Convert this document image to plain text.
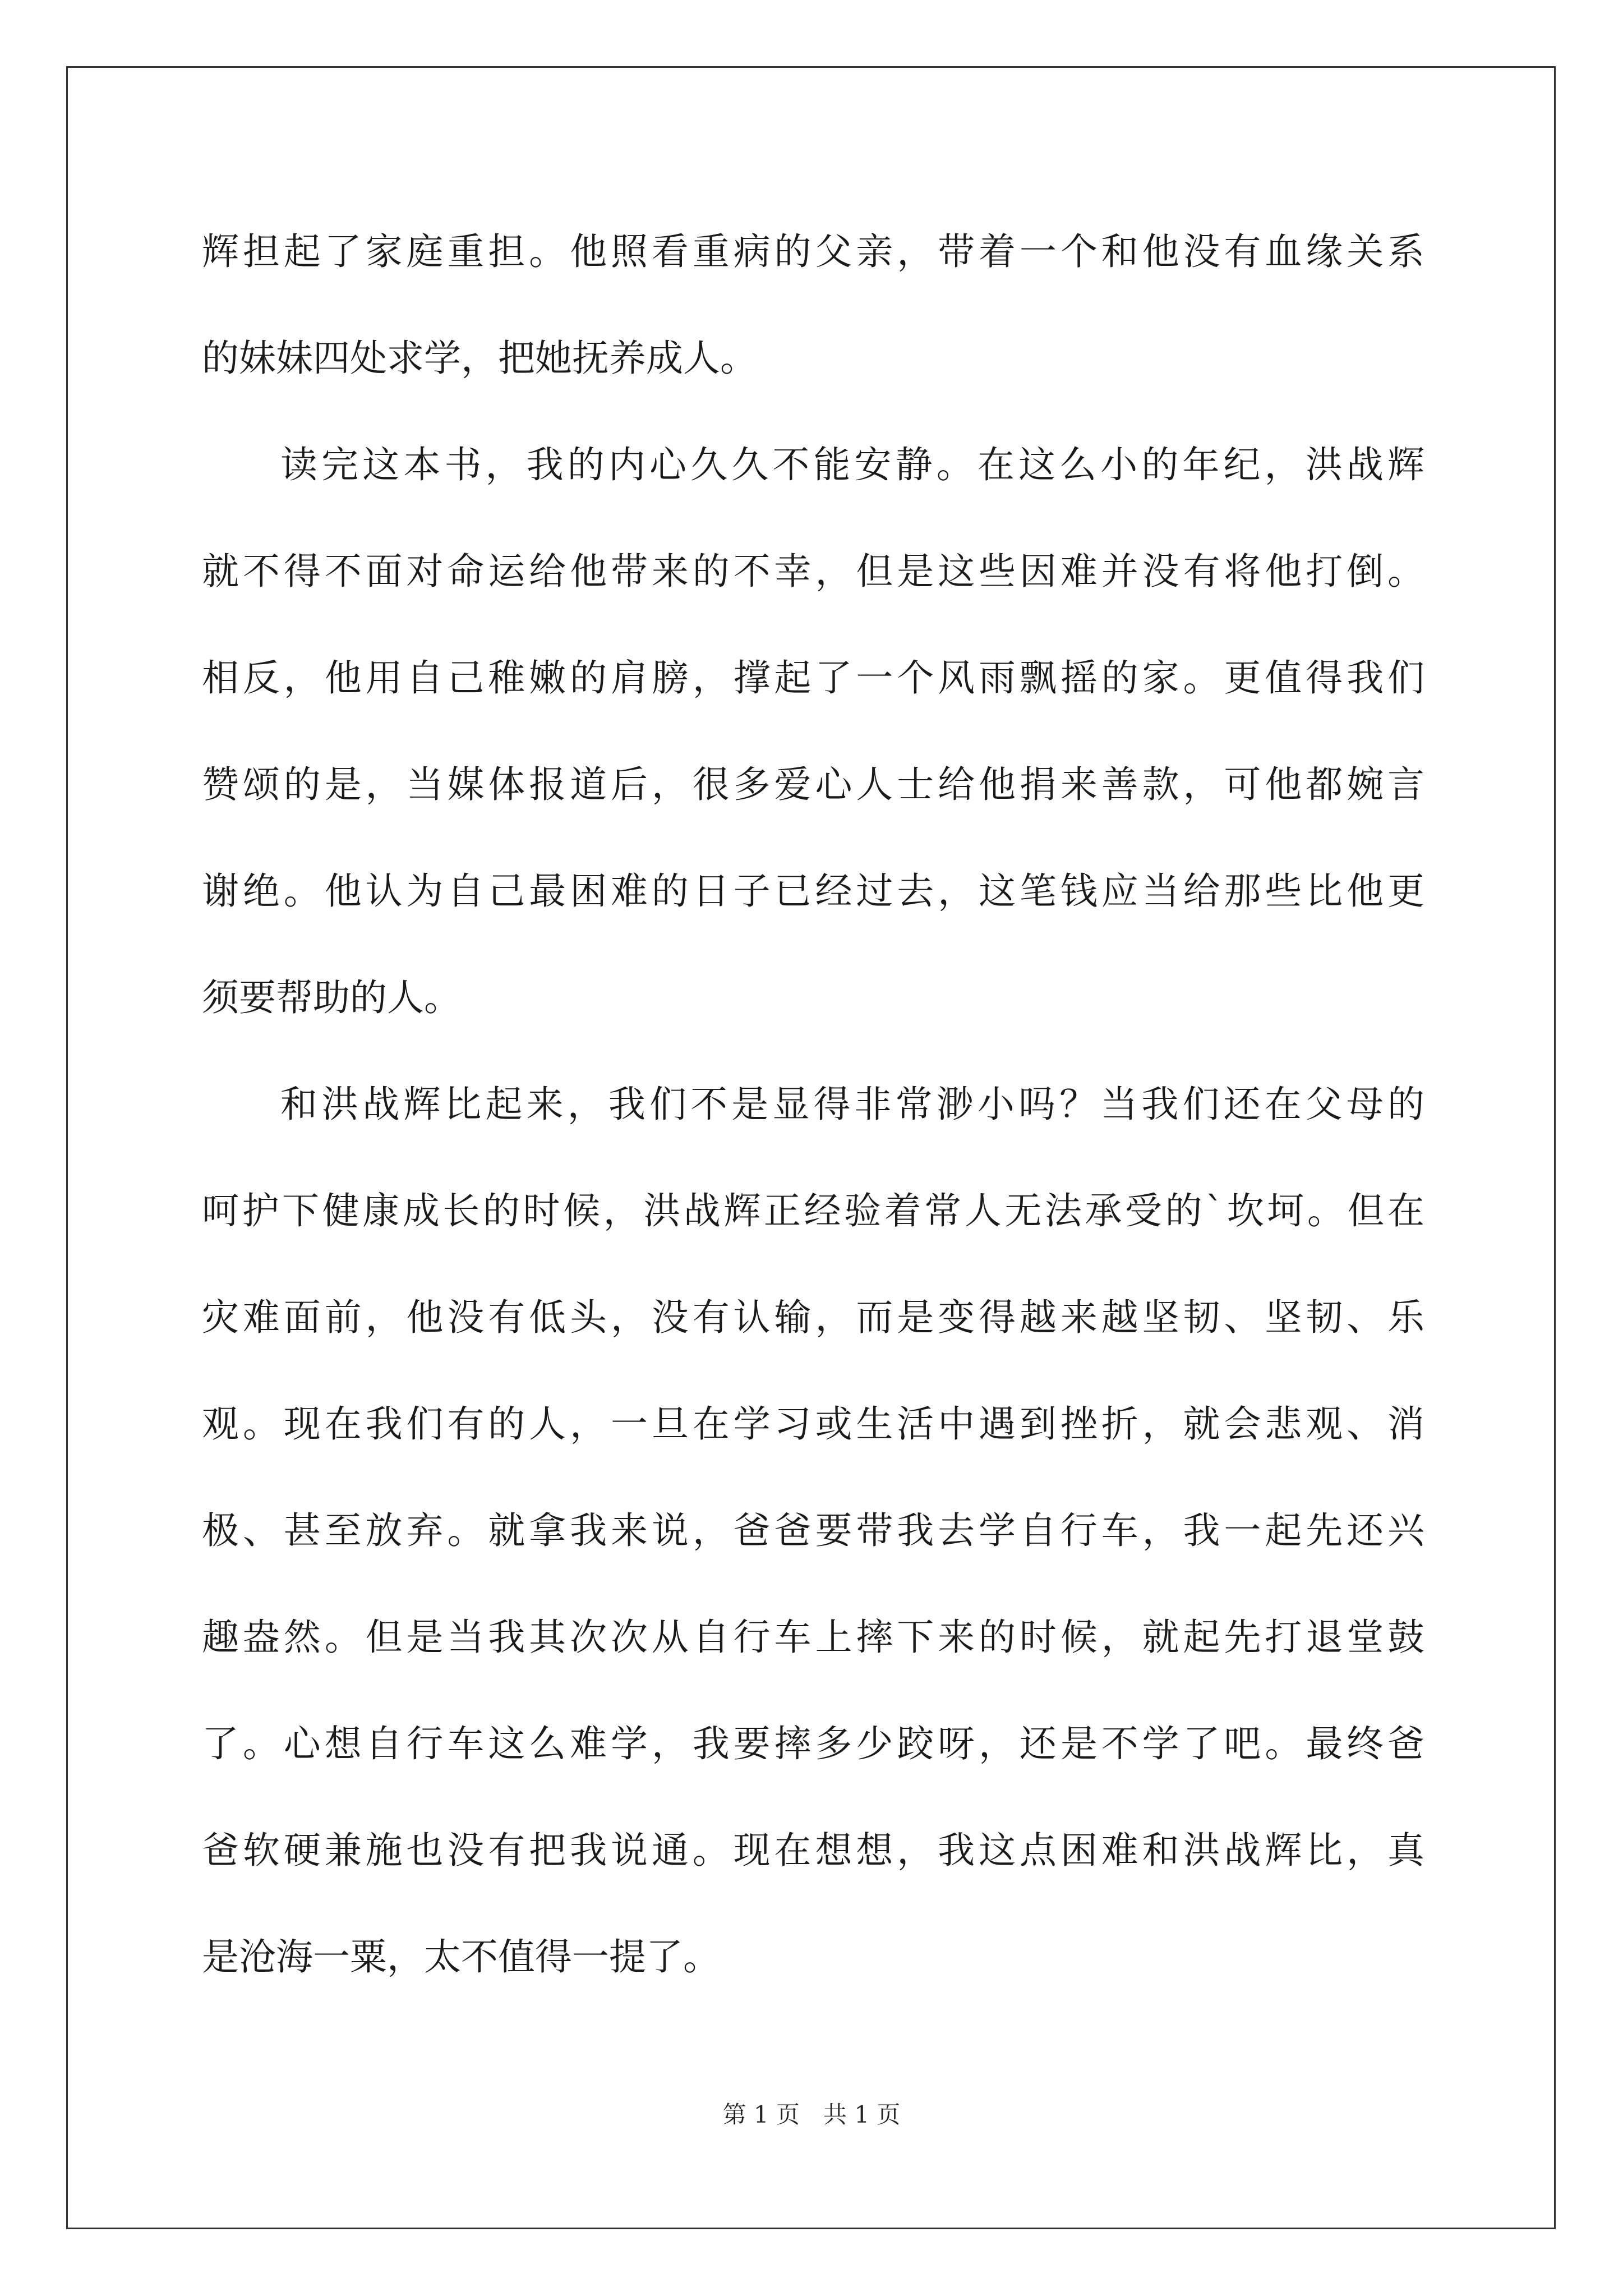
辉担起了家庭重担。他照看重病的父亲，带着一个和他没有血缘关系

的妹妹四处求学，把她抚养成人。

读完这本书，我的内心久久不能安静。在这么小的年纪，洪战辉

就不得不面对命运给他带来的不幸，但是这些因难并没有将他打倒。

相反，他用自己稚嫩的肩膀，撑起了一个风雨飘摇的家。更值得我们

赞颂的是，当媒体报道后，很多爱心人士给他捐来善款，可他都婉言

谢绝。他认为自己最困难的日子已经过去，这笔钱应当给那些比他更

须要帮助的人。

和洪战辉比起来，我们不是显得非常渺小吗？当我们还在父母的

呵护下健康成长的时候，洪战辉正经验着常人无法承受的`坎坷。但在

灾难面前，他没有低头，没有认输，而是变得越来越坚韧、坚韧、乐

观。现在我们有的人，一旦在学习或生活中遇到挫折，就会悲观、消

极、甚至放弃。就拿我来说，爸爸要带我去学自行车，我一起先还兴

趣盎然。但是当我其次次从自行车上摔下来的时候，就起先打退堂鼓

了。心想自行车这么难学，我要摔多少跤呀，还是不学了吧。最终爸

爸软硬兼施也没有把我说通。现在想想，我这点困难和洪战辉比，真

是沧海一粟，太不值得一提了。

第 1 页　共 1 页
